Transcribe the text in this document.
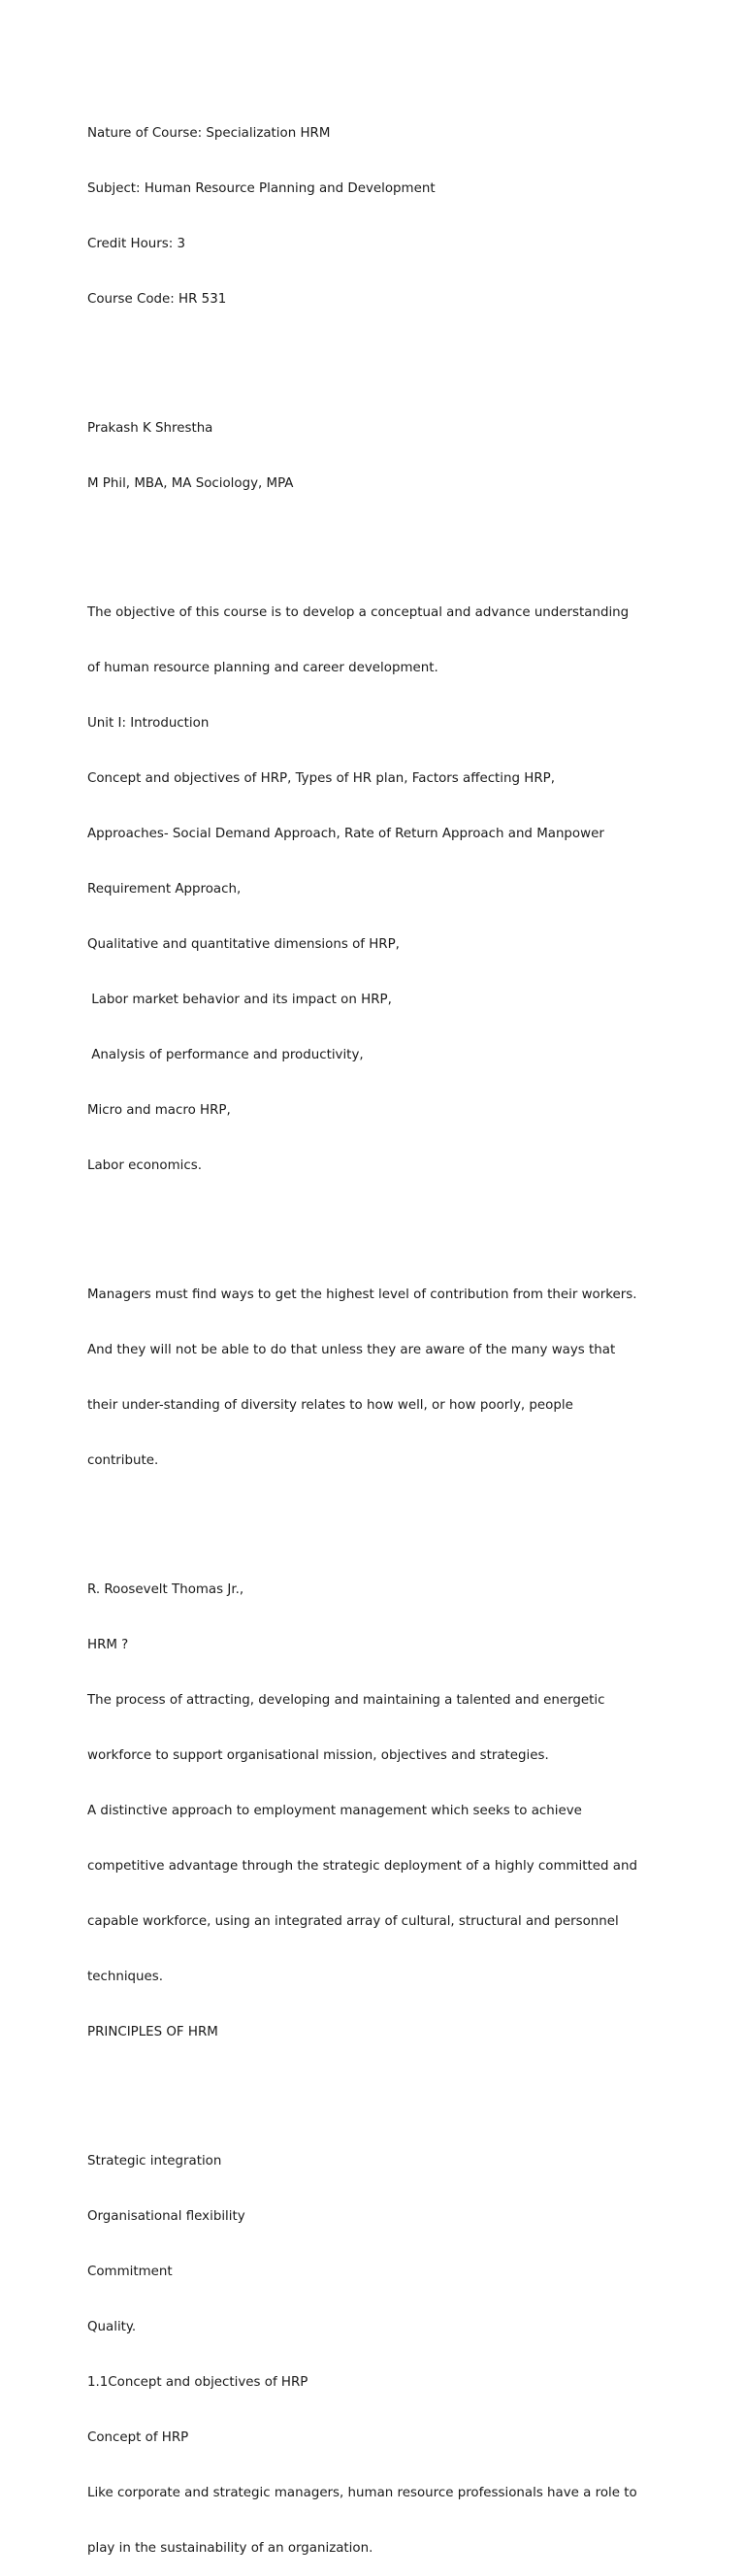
Nature of Course: Specialization HRM

Subject: Human Resource Planning and Development

Credit Hours: 3

Course Code: HR 531

Prakash K Shrestha

M Phil, MBA, MA Sociology, MPA

The objective of this course is to develop a conceptual and advance understanding

of human resource planning and career development.

Unit I: Introduction

Concept and objectives of HRP, Types of HR plan, Factors affecting HRP,

Approaches- Social Demand Approach, Rate of Return Approach and Manpower

Requirement Approach,

Qualitative and quantitative dimensions of HRP,

Labor market behavior and its impact on HRP,

Analysis of performance and productivity,

Micro and macro HRP,

Labor economics.

Managers must find ways to get the highest level of contribution from their workers.

And they will not be able to do that unless they are aware of the many ways that

their under-standing of diversity relates to how well, or how poorly, people

contribute.

R. Roosevelt Thomas Jr.,

HRM ?

The process of attracting, developing and maintaining a talented and energetic

workforce to support organisational mission, objectives and strategies.

A distinctive approach to employment management which seeks to achieve

competitive advantage through the strategic deployment of a highly committed and

capable workforce, using an integrated array of cultural, structural and personnel

techniques.

PRINCIPLES OF HRM

Strategic integration

Organisational flexibility

Commitment

Quality.

1.1Concept and objectives of HRP

Concept of HRP

Like corporate and strategic managers, human resource professionals have a role to

play in the sustainability of an organization.
